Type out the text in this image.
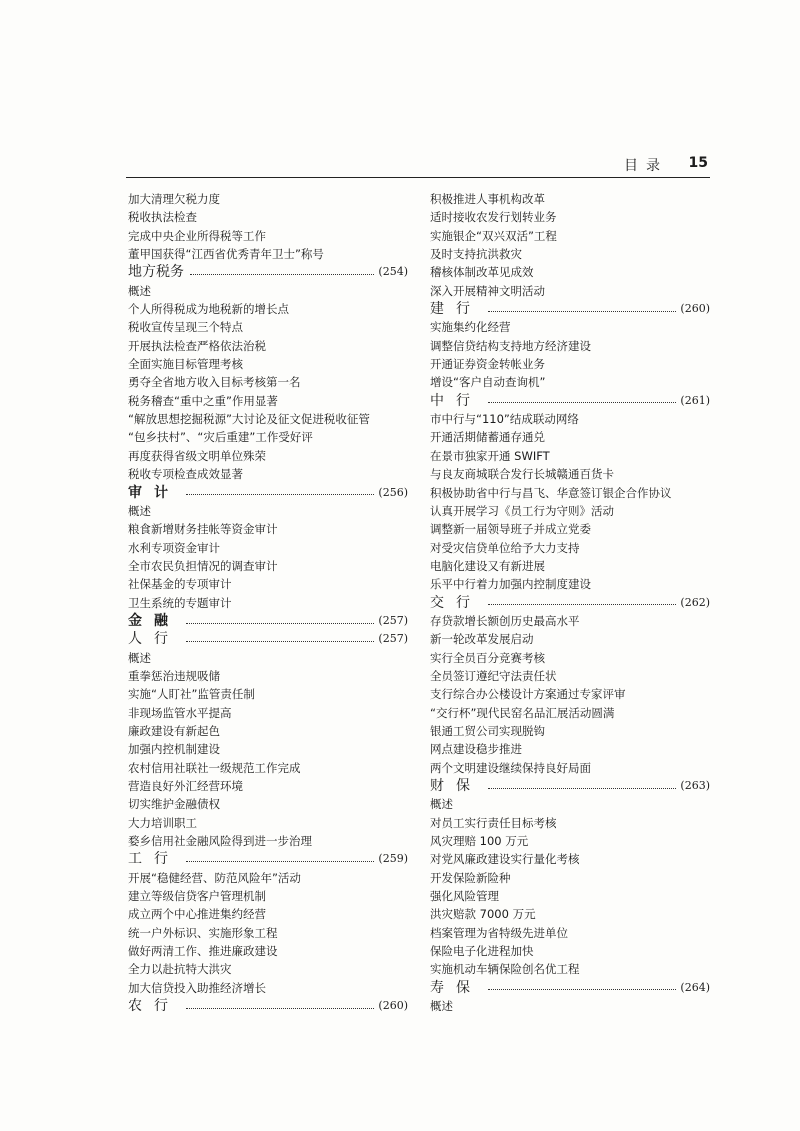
目录 15
加大清理欠税力度
税收执法检查
完成中央企业所得税等工作
董甲国获得“江西省优秀青年卫士”称号
地方税务	(254)
概述
个人所得税成为地税新的增长点
税收宣传呈现三个特点
开展执法检查严格依法治税
全面实施目标管理考核
勇夺全省地方收入目标考核第一名
税务稽查“重中之重”作用显著
“解放思想挖掘税源”大讨论及征文促进税收征管
“包乡扶村”、“灾后重建”工作受好评
再度获得省级文明单位殊荣
税收专项检查成效显著
审计	(256)
概述
粮食新增财务挂帐等资金审计
水利专项资金审计
全市农民负担情况的调查审计
社保基金的专项审计
卫生系统的专题审计
金融	(257)
人行	(257)
概述
重拳惩治违规吸储
实施“人盯社”监管责任制
非现场监管水平提高
廉政建设有新起色
加强内控机制建设
农村信用社联社一级规范工作完成
营造良好外汇经营环境
切实维护金融债权
大力培训职工
婺乡信用社金融风险得到进一步治理
工行	(259)
开展“稳健经营、防范风险年”活动
建立等级信贷客户管理机制
成立两个中心推进集约经营
统一户外标识、实施形象工程
做好两清工作、推进廉政建设
全力以赴抗特大洪灾
加大信贷投入助推经济增长
农行	(260)
积极推进人事机构改革
适时接收农发行划转业务
实施银企“双兴双活”工程
及时支持抗洪救灾
稽核体制改革见成效
深入开展精神文明活动
建行	(260)
实施集约化经营
调整信贷结构支持地方经济建设
开通证券资金转帐业务
增设“客户自动查询机”
中行	(261)
市中行与“110”结成联动网络
开通活期储蓄通存通兑
在景市独家开通 SWIFT
与良友商城联合发行长城赣通百货卡
积极协助省中行与昌飞、华意签订银企合作协议
认真开展学习《员工行为守则》活动
调整新一届领导班子并成立党委
对受灾信贷单位给予大力支持
电脑化建设又有新进展
乐平中行着力加强内控制度建设
交行	(262)
存贷款增长额创历史最高水平
新一轮改革发展启动
实行全员百分竞赛考核
全员签订遵纪守法责任状
支行综合办公楼设计方案通过专家评审
“交行杯”现代民窑名品汇展活动圆满
银通工贸公司实现脱钩
网点建设稳步推进
两个文明建设继续保持良好局面
财保	(263)
概述
对员工实行责任目标考核
风灾理赔 100 万元
对党风廉政建设实行量化考核
开发保险新险种
强化风险管理
洪灾赔款 7000 万元
档案管理为省特级先进单位
保险电子化进程加快
实施机动车辆保险创名优工程
寿保	(264)
概述
